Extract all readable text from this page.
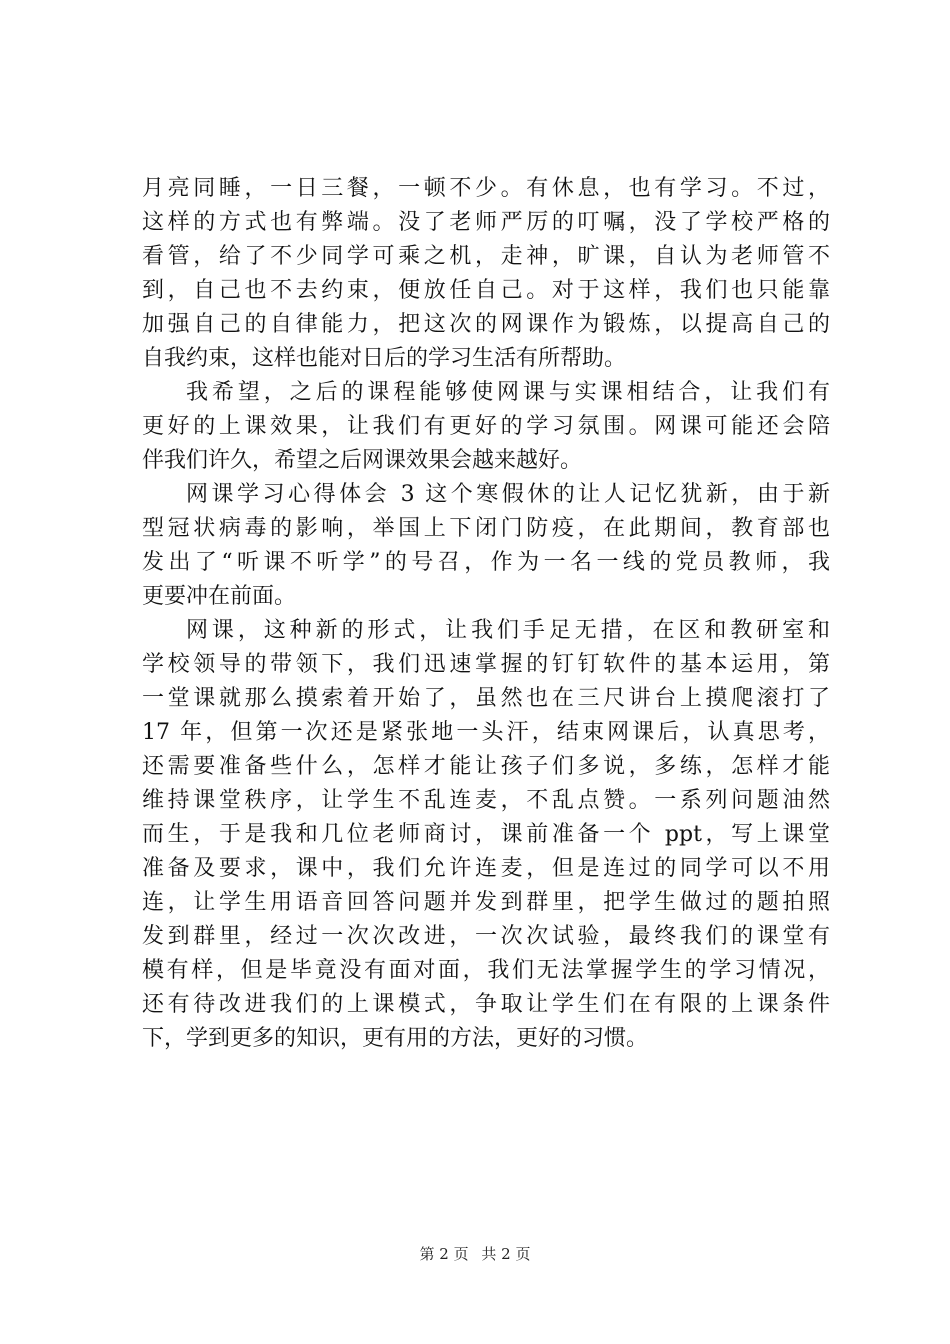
月亮同睡，一日三餐，一顿不少。有休息，也有学习。不过，
这样的方式也有弊端。没了老师严厉的叮嘱，没了学校严格的
看管，给了不少同学可乘之机，走神，旷课，自认为老师管不
到，自己也不去约束，便放任自己。对于这样，我们也只能靠
加强自己的自律能力，把这次的网课作为锻炼，以提高自己的
自我约束，这样也能对日后的学习生活有所帮助。
我希望，之后的课程能够使网课与实课相结合，让我们有
更好的上课效果，让我们有更好的学习氛围。网课可能还会陪
伴我们许久，希望之后网课效果会越来越好。
网课学习心得体会 3 这个寒假休的让人记忆犹新，由于新
型冠状病毒的影响，举国上下闭门防疫，在此期间，教育部也
发出了“听课不听学”的号召，作为一名一线的党员教师，我
更要冲在前面。
网课，这种新的形式，让我们手足无措，在区和教研室和
学校领导的带领下，我们迅速掌握的钉钉软件的基本运用，第
一堂课就那么摸索着开始了，虽然也在三尺讲台上摸爬滚打了
17 年，但第一次还是紧张地一头汗，结束网课后，认真思考，
还需要准备些什么，怎样才能让孩子们多说，多练，怎样才能
维持课堂秩序，让学生不乱连麦，不乱点赞。一系列问题油然
而生，于是我和几位老师商讨，课前准备一个 ppt，写上课堂
准备及要求，课中，我们允许连麦，但是连过的同学可以不用
连，让学生用语音回答问题并发到群里，把学生做过的题拍照
发到群里，经过一次次改进，一次次试验，最终我们的课堂有
模有样，但是毕竟没有面对面，我们无法掌握学生的学习情况，
还有待改进我们的上课模式，争取让学生们在有限的上课条件
下，学到更多的知识，更有用的方法，更好的习惯。
第 2 页 共 2 页
